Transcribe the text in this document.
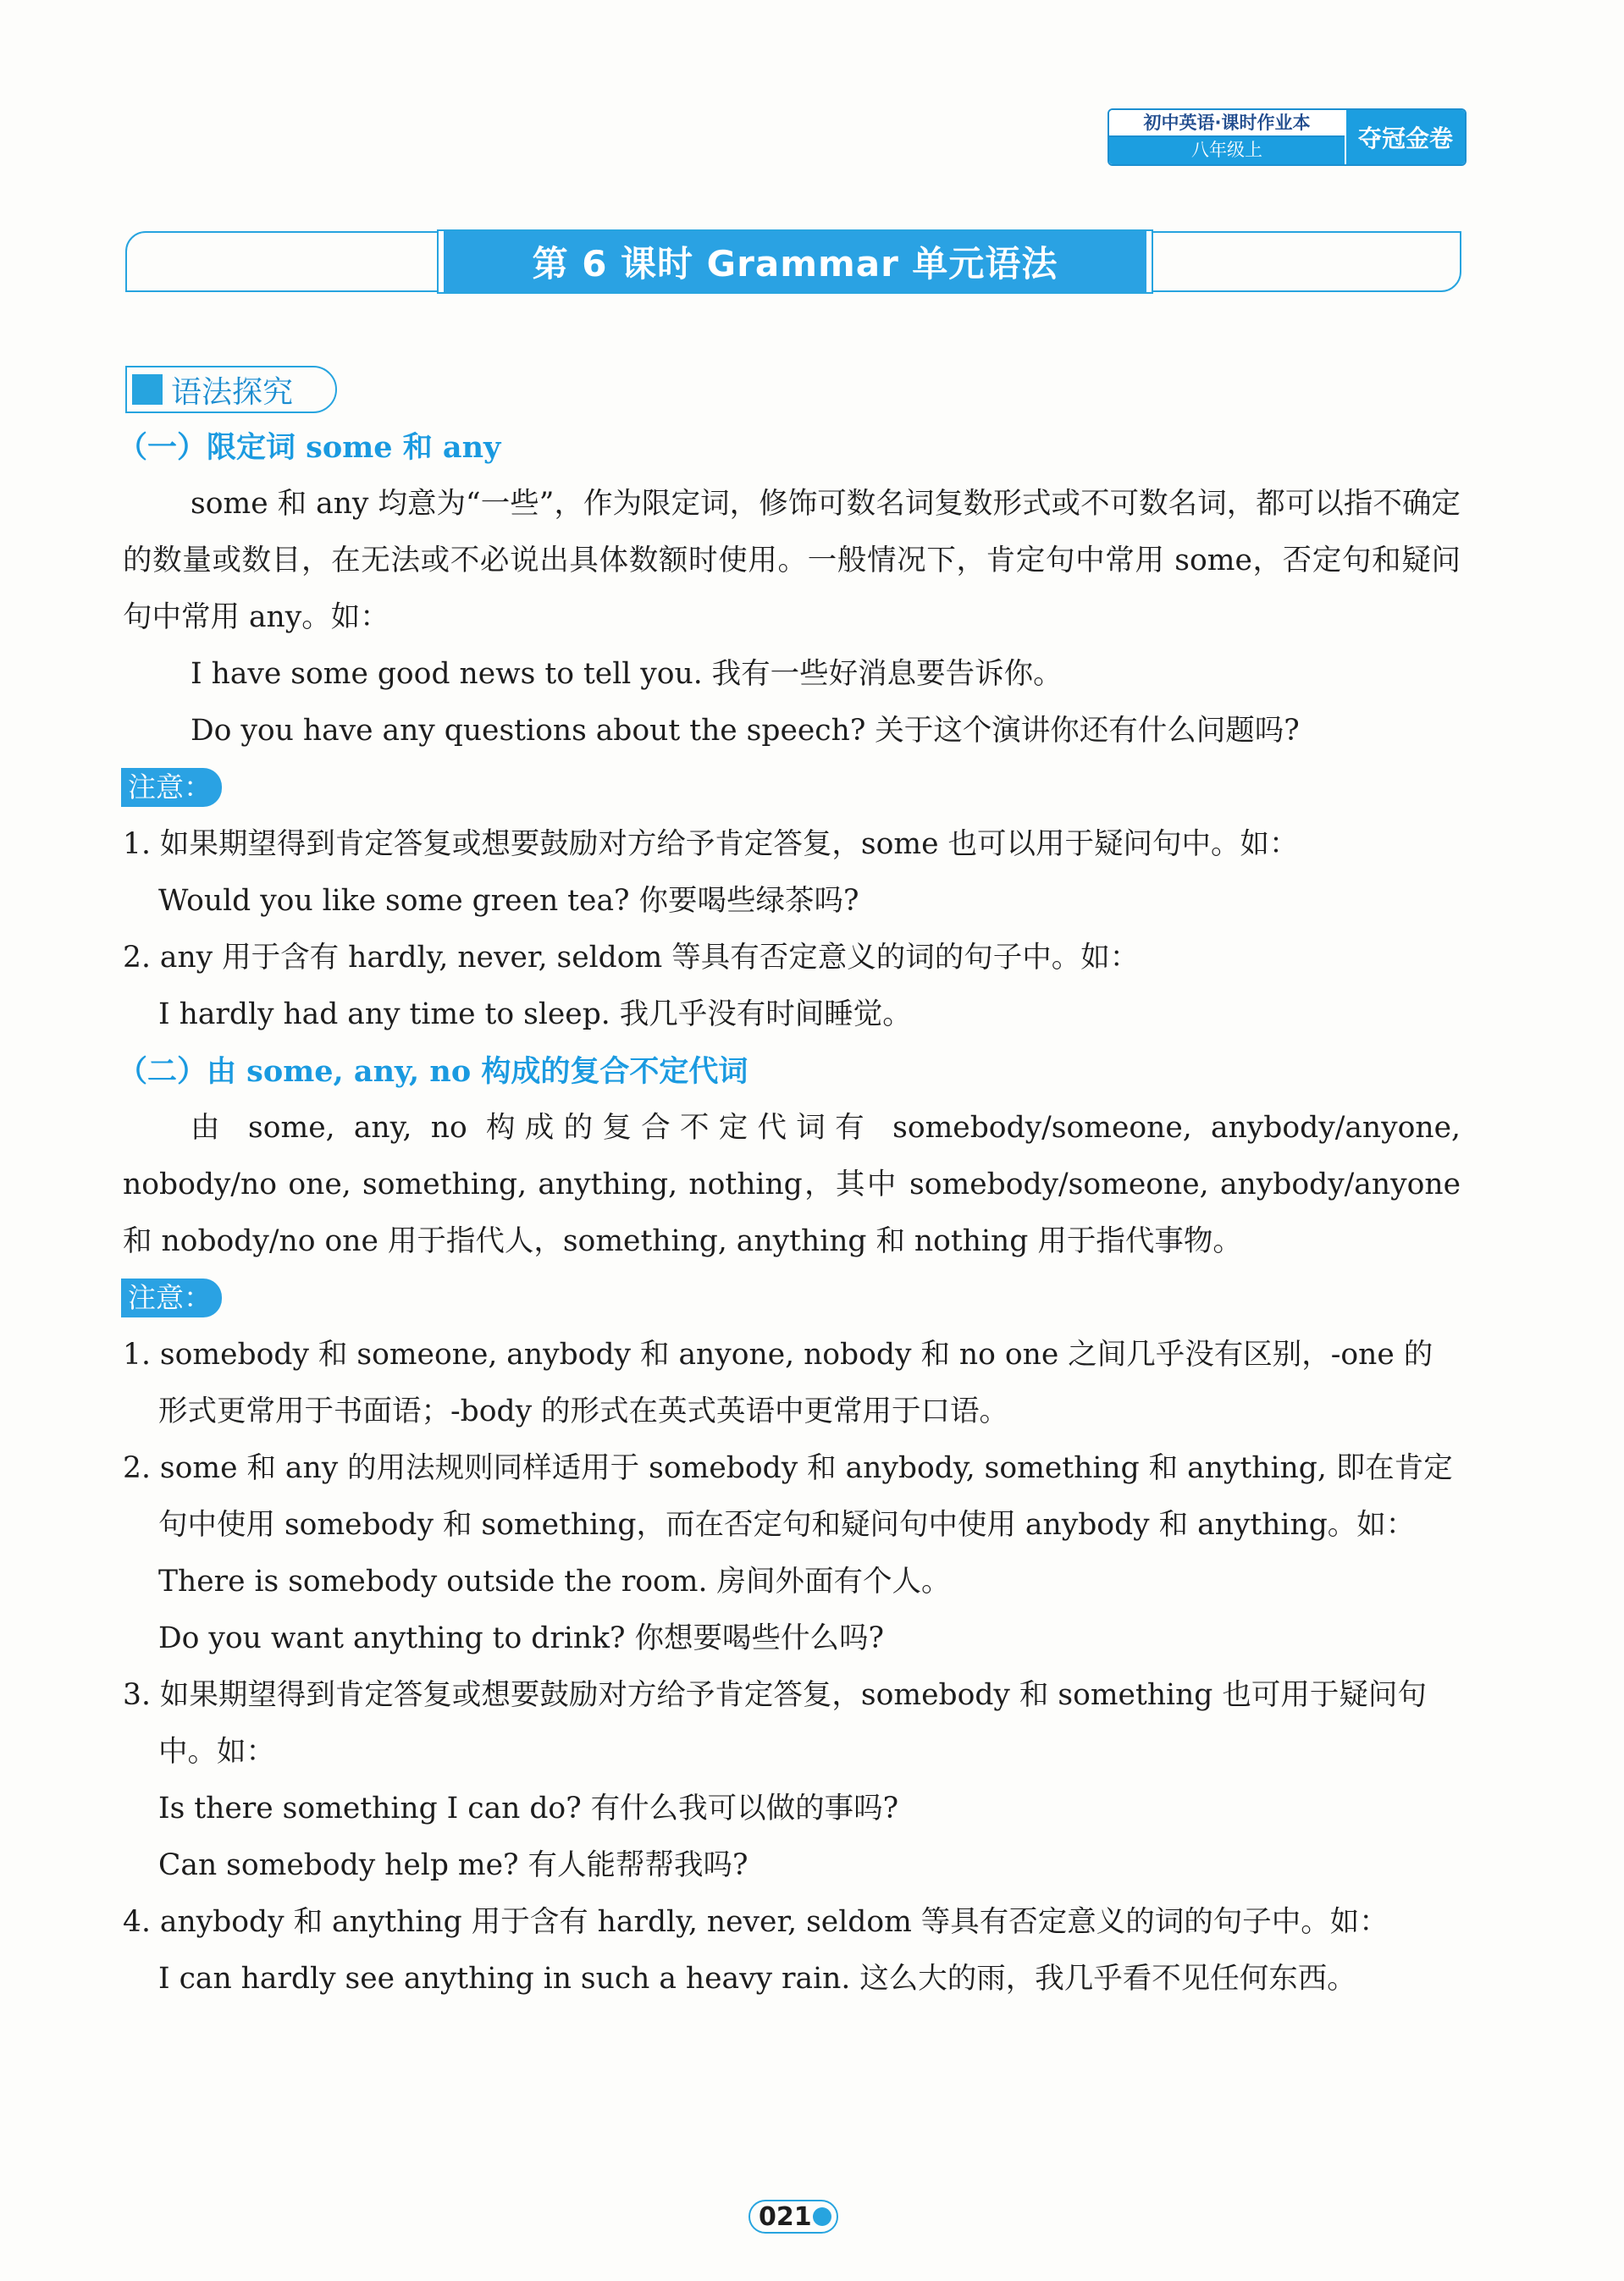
初中英语·课时作业本
八年级上	夺冠金卷
第 6 课时 Grammar 单元语法
语法探究
（一）限定词 some 和 any

some 和 any 均意为“一些”，作为限定词，修饰可数名词复数形式或不可数名词，都可以指不确定的数量或数目，在无法或不必说出具体数额时使用。一般情况下，肯定句中常用 some，否定句和疑问句中常用 any。如：

I have some good news to tell you. 我有一些好消息要告诉你。

Do you have any questions about the speech? 关于这个演讲你还有什么问题吗?

注意：

1. 如果期望得到肯定答复或想要鼓励对方给予肯定答复，some 也可以用于疑问句中。如：

Would you like some green tea? 你要喝些绿茶吗?

2. any 用于含有 hardly, never, seldom 等具有否定意义的词的句子中。如：

I hardly had any time to sleep. 我几乎没有时间睡觉。

（二）由 some, any, no 构成的复合不定代词

由 some, any, no 构成的复合不定代词有 somebody/someone, anybody/anyone, nobody/no one, something, anything, nothing，其中 somebody/someone, anybody/anyone 和 nobody/no one 用于指代人，something, anything 和 nothing 用于指代事物。

注意：

1. somebody 和 someone, anybody 和 anyone, nobody 和 no one 之间几乎没有区别，-one 的形式更常用于书面语；-body 的形式在英式英语中更常用于口语。

2. some 和 any 的用法规则同样适用于 somebody 和 anybody, something 和 anything, 即在肯定句中使用 somebody 和 something，而在否定句和疑问句中使用 anybody 和 anything。如：

There is somebody outside the room. 房间外面有个人。

Do you want anything to drink? 你想要喝些什么吗?

3. 如果期望得到肯定答复或想要鼓励对方给予肯定答复，somebody 和 something 也可用于疑问句中。如：

Is there something I can do? 有什么我可以做的事吗?

Can somebody help me? 有人能帮帮我吗?

4. anybody 和 anything 用于含有 hardly, never, seldom 等具有否定意义的词的句子中。如：

I can hardly see anything in such a heavy rain. 这么大的雨，我几乎看不见任何东西。

021
